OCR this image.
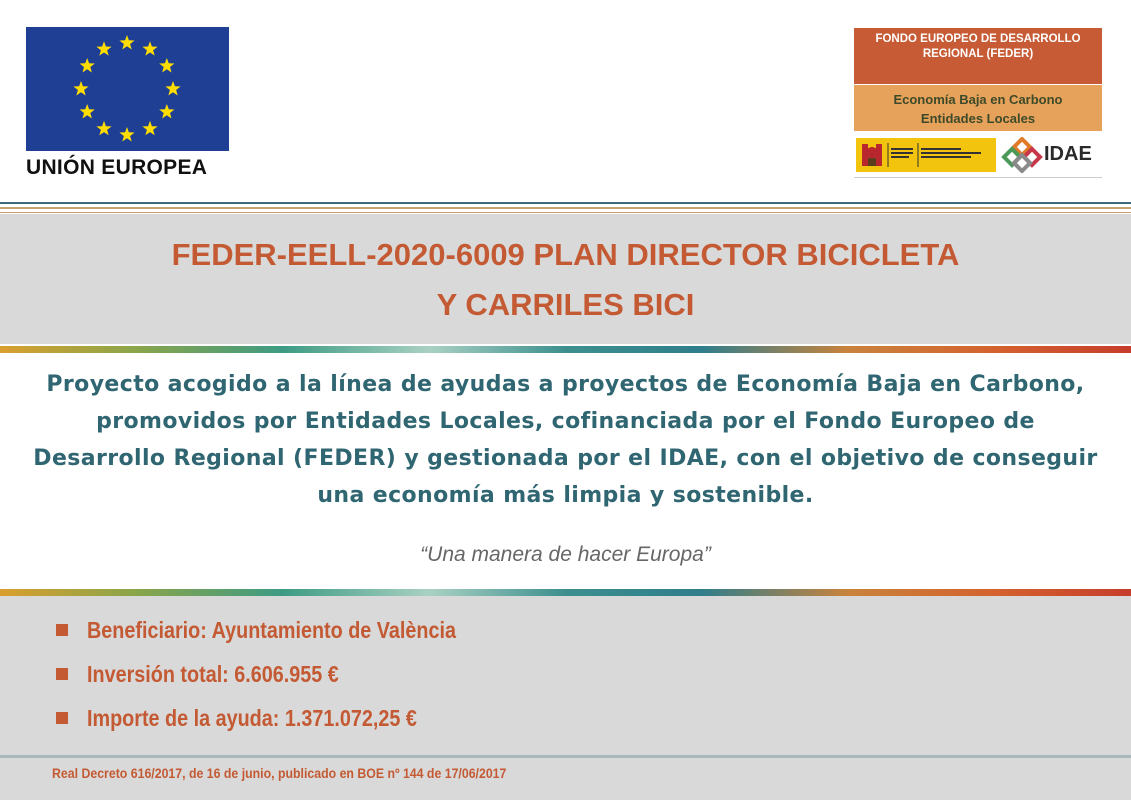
UNIÓN EUROPEA
FONDO EUROPEO DE DESARROLLO REGIONAL (FEDER)
Economía Baja en Carbono
Entidades Locales
IDAE
FEDER-EELL-2020-6009 PLAN DIRECTOR BICICLETA
Y CARRILES BICI
Proyecto acogido a la línea de ayudas a proyectos de Economía Baja en Carbono, promovidos por Entidades Locales, cofinanciada por el Fondo Europeo de Desarrollo Regional (FEDER) y gestionada por el IDAE, con el objetivo de conseguir una economía más limpia y sostenible.
“Una manera de hacer Europa”
Beneficiario: Ayuntamiento de València
Inversión total: 6.606.955 €
Importe de la ayuda: 1.371.072,25 €
Real Decreto 616/2017, de 16 de junio, publicado en BOE nº 144 de 17/06/2017
